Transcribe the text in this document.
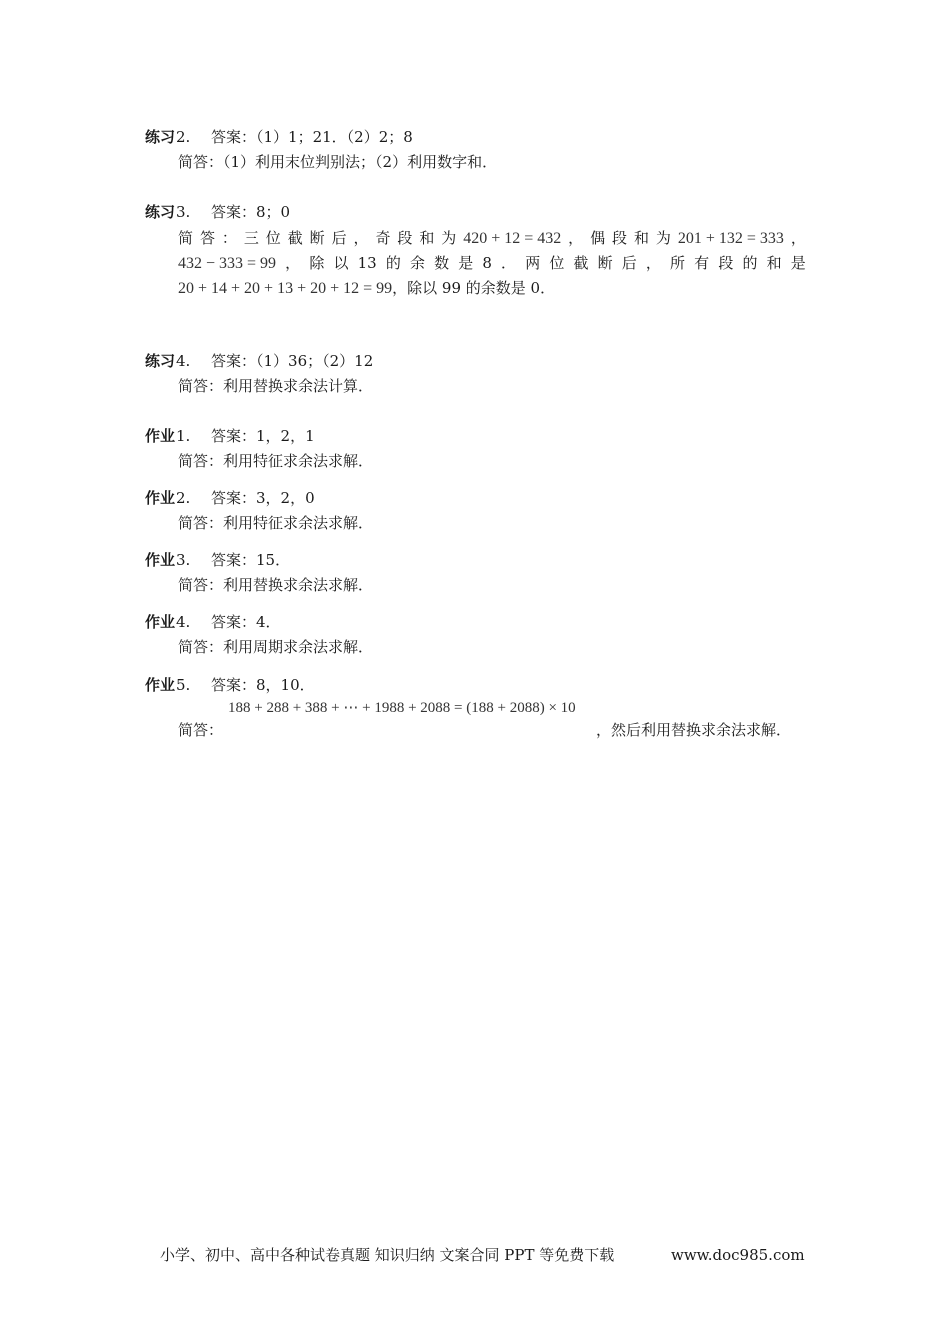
练习2. 答案：（1）1；21．（2）2；8
简答：（1）利用末位判别法；（2）利用数字和．
练习3. 答案：8；0
简 答 ： 三 位 截 断 后 ， 奇 段 和 为 420 + 12 = 432 ， 偶 段 和 为 201 + 132 = 333 ，
432 − 333 = 99 ， 除 以 13 的 余 数 是 8 ． 两 位 截 断 后 ， 所 有 段 的 和 是
20 + 14 + 20 + 13 + 20 + 12 = 99，除以 99 的余数是 0．
练习4. 答案：（1）36；（2）12
简答：利用替换求余法计算．
作业1. 答案：1，2，1
简答：利用特征求余法求解．
作业2. 答案：3，2，0
简答：利用特征求余法求解．
作业3. 答案：15．
简答：利用替换求余法求解．
作业4. 答案：4．
简答：利用周期求余法求解．
作业5. 答案：8，10．
188 + 288 + 388 + ⋯ + 1988 + 2088 = (188 + 2088) × 10
简答：	，然后利用替换求余法求解．
小学、初中、高中各种试卷真题 知识归纳 文案合同 PPT 等免费下载	www.doc985.com
